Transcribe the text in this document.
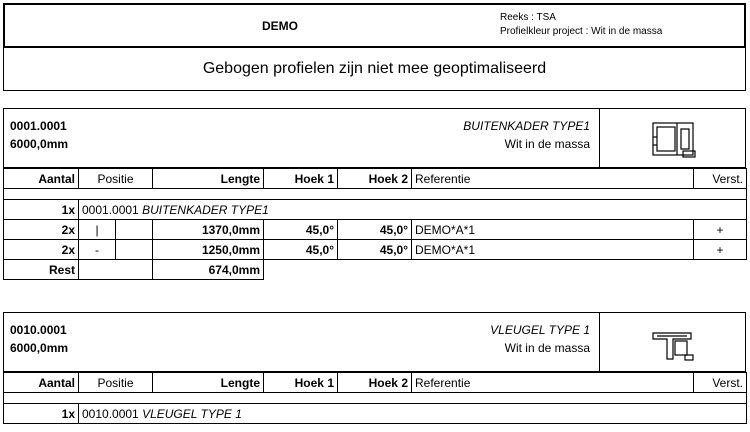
DEMO
Reeks : TSA
Profielkleur project : Wit in de massa
Gebogen profielen zijn niet mee geoptimaliseerd
0001.0001
6000,0mm
BUITENKADER TYPE1
Wit in de massa
Aantal	Positie		Lengte	Hoek 1	Hoek 2	Referentie	Verst.

1x	0001.0001 BUITENKADER TYPE1						
2x	|		1370,0mm	45,0°	45,0°	DEMO*A*1	+
2x	-		1250,0mm	45,0°	45,0°	DEMO*A*1	+
Rest			674,0mm				
0010.0001
6000,0mm
VLEUGEL TYPE 1
Wit in de massa
Aantal	Positie	Lengte	Hoek 1	Hoek 2	Referentie	Verst.

1x	0010.0001 VLEUGEL TYPE 1					
